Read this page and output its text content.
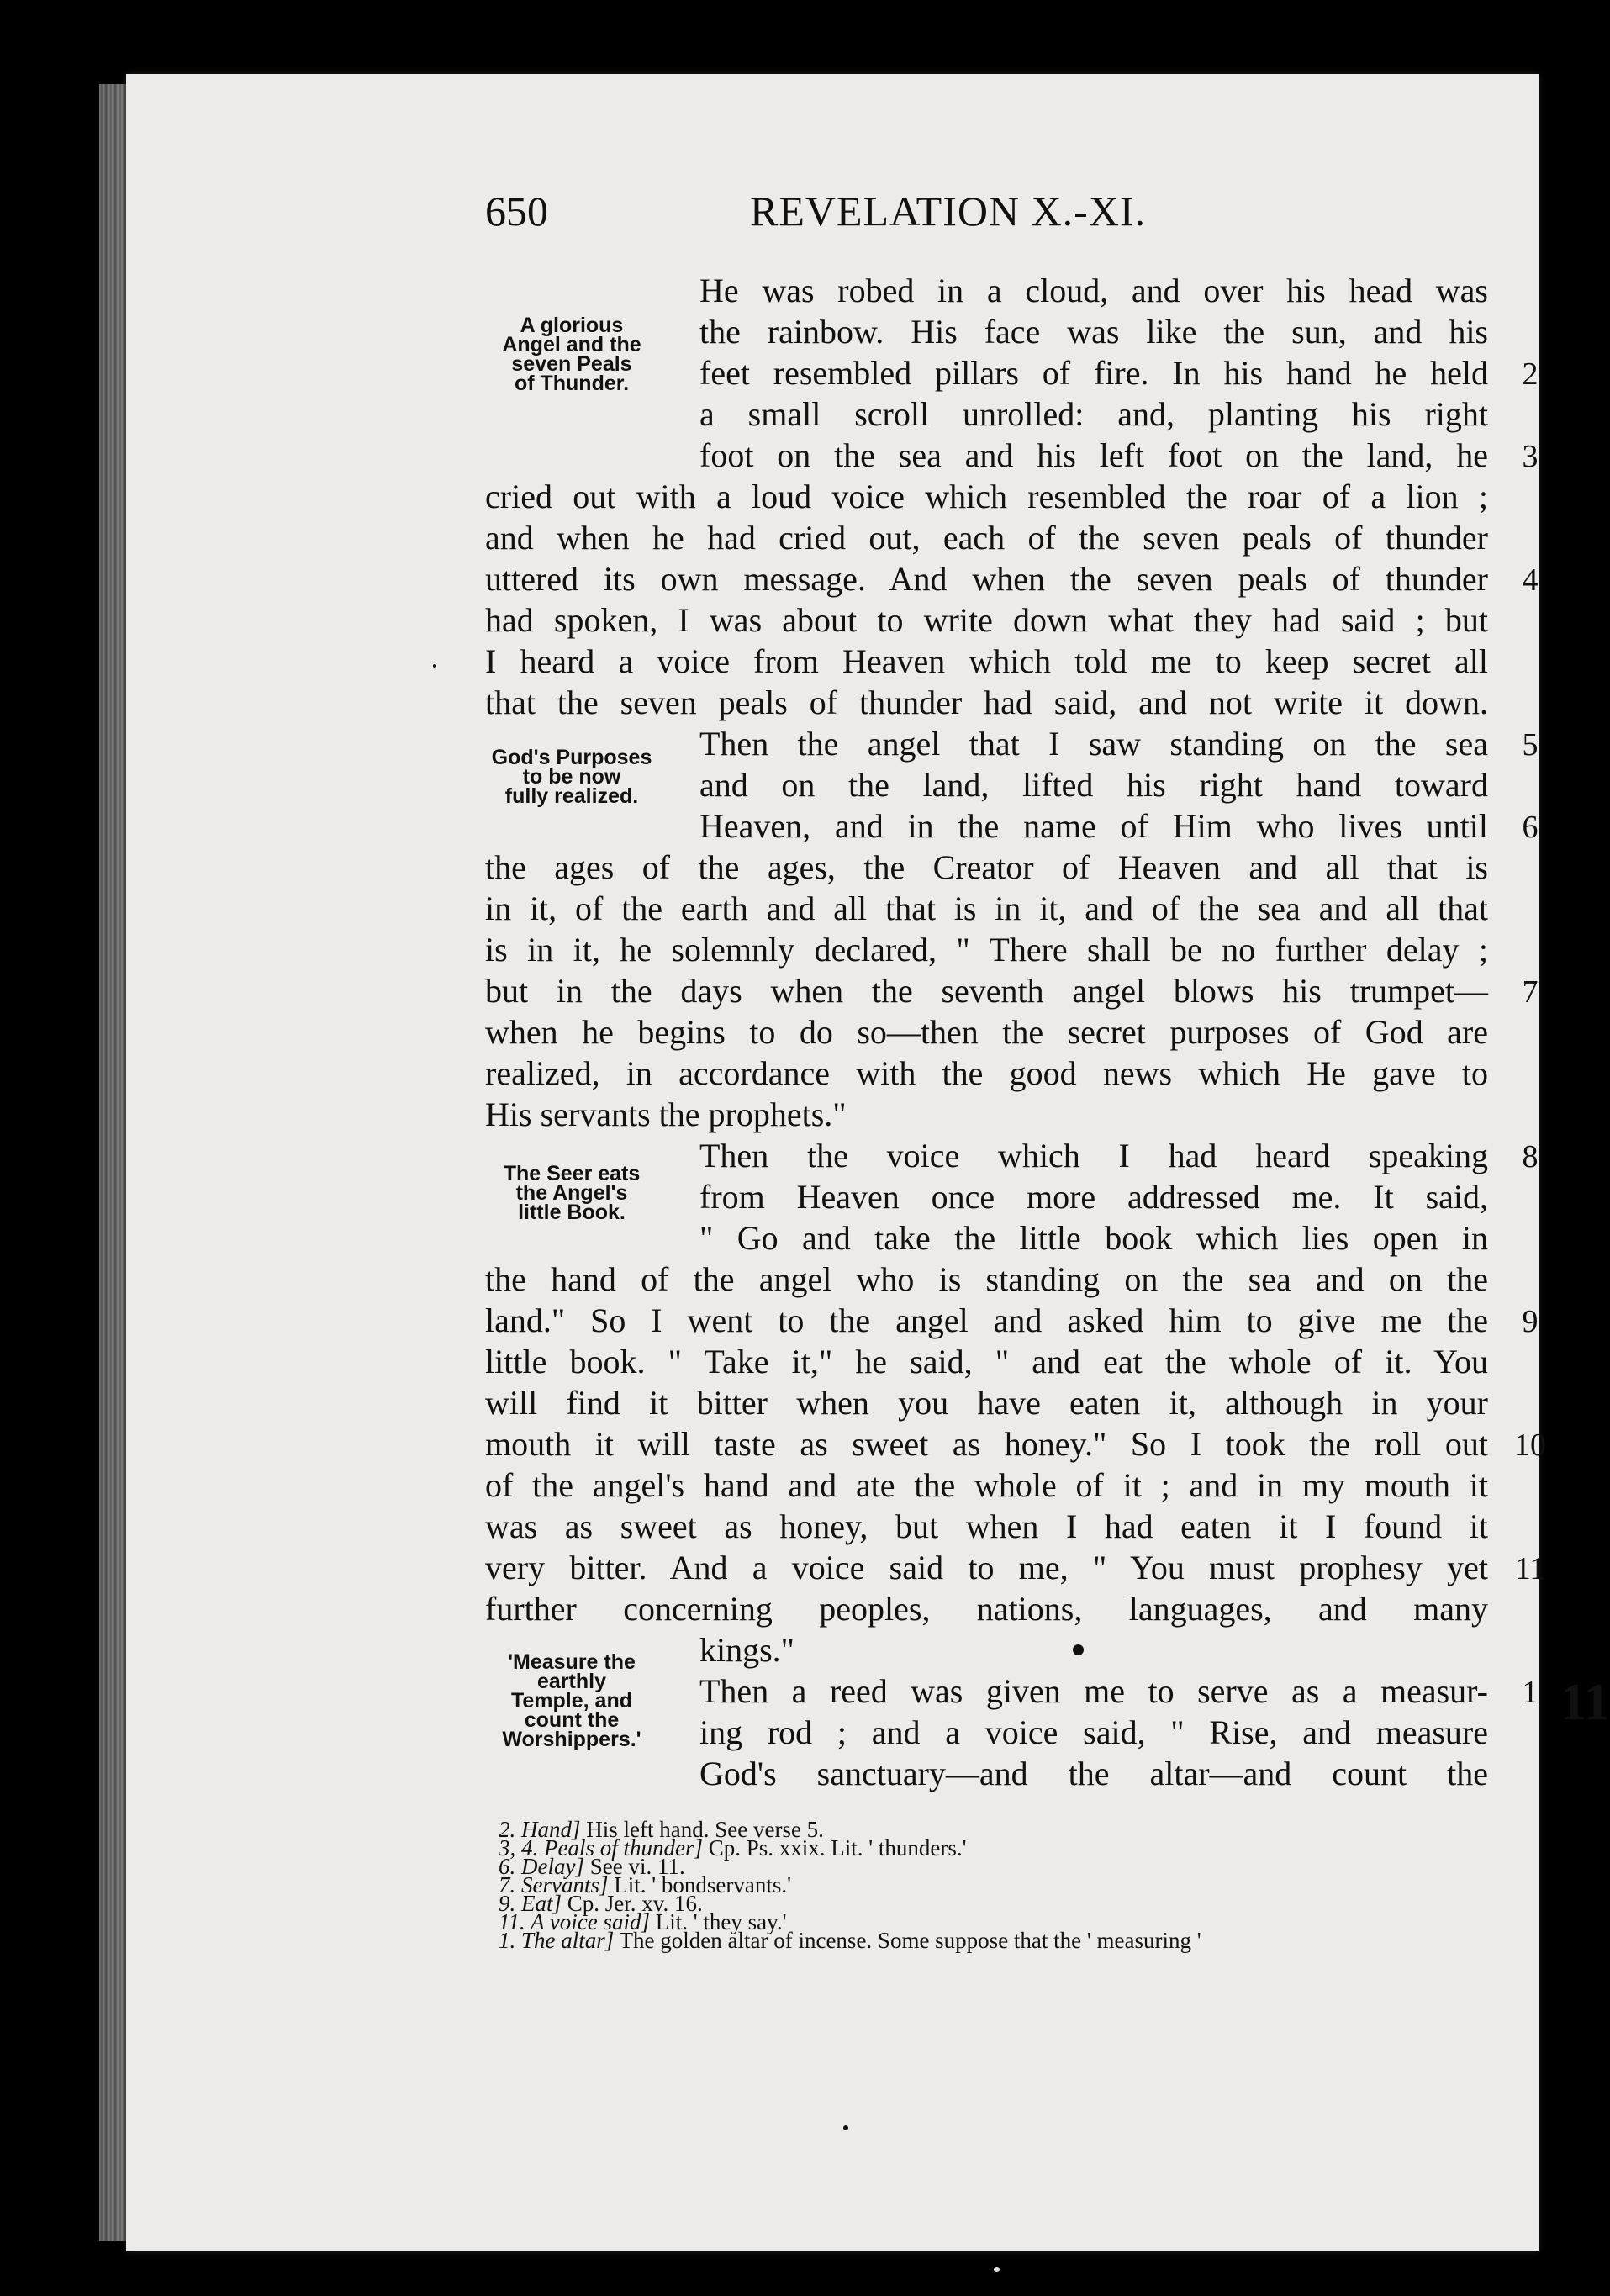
650	REVELATION X.-XI.
A glorious
Angel and the
seven Peals
of Thunder.
God's Purposes
to be now
fully realized.
The Seer eats
the Angel's
little Book.
'Measure the
earthly
Temple, and
count the
Worshippers.'
He was robed in a cloud, and over his head was
the rainbow. His face was like the sun, and his
feet resembled pillars of fire. In his hand he held
a small scroll unrolled: and, planting his right
foot on the sea and his left foot on the land, he
cried out with a loud voice which resembled the roar of a lion ;
and when he had cried out, each of the seven peals of thunder
uttered its own message. And when the seven peals of thunder
had spoken, I was about to write down what they had said ; but
I heard a voice from Heaven which told me to keep secret all
that the seven peals of thunder had said, and not write it down.
Then the angel that I saw standing on the sea
and on the land, lifted his right hand toward
Heaven, and in the name of Him who lives until
the ages of the ages, the Creator of Heaven and all that is
in it, of the earth and all that is in it, and of the sea and all that
is in it, he solemnly declared, " There shall be no further delay ;
but in the days when the seventh angel blows his trumpet—
when he begins to do so—then the secret purposes of God are
realized, in accordance with the good news which He gave to
His servants the prophets."
Then the voice which I had heard speaking
from Heaven once more addressed me. It said,
" Go and take the little book which lies open in
the hand of the angel who is standing on the sea and on the
land." So I went to the angel and asked him to give me the
little book. " Take it," he said, " and eat the whole of it. You
will find it bitter when you have eaten it, although in your
mouth it will taste as sweet as honey." So I took the roll out
of the angel's hand and ate the whole of it ; and in my mouth it
was as sweet as honey, but when I had eaten it I found it
very bitter. And a voice said to me, " You must prophesy yet
further concerning peoples, nations, languages, and many
kings."
Then a reed was given me to serve as a measur-
ing rod ; and a voice said, " Rise, and measure
God's sanctuary—and the altar—and count the
2
3
4
5
6
7
8
9
10
11
1 11
2. Hand] His left hand. See verse 5.
3, 4. Peals of thunder] Cp. Ps. xxix. Lit. ' thunders.'
6. Delay] See vi. 11.
7. Servants] Lit. ' bondservants.'
9. Eat] Cp. Jer. xv. 16.
11. A voice said] Lit. ' they say.'
1. The altar] The golden altar of incense. Some suppose that the ' measuring '
